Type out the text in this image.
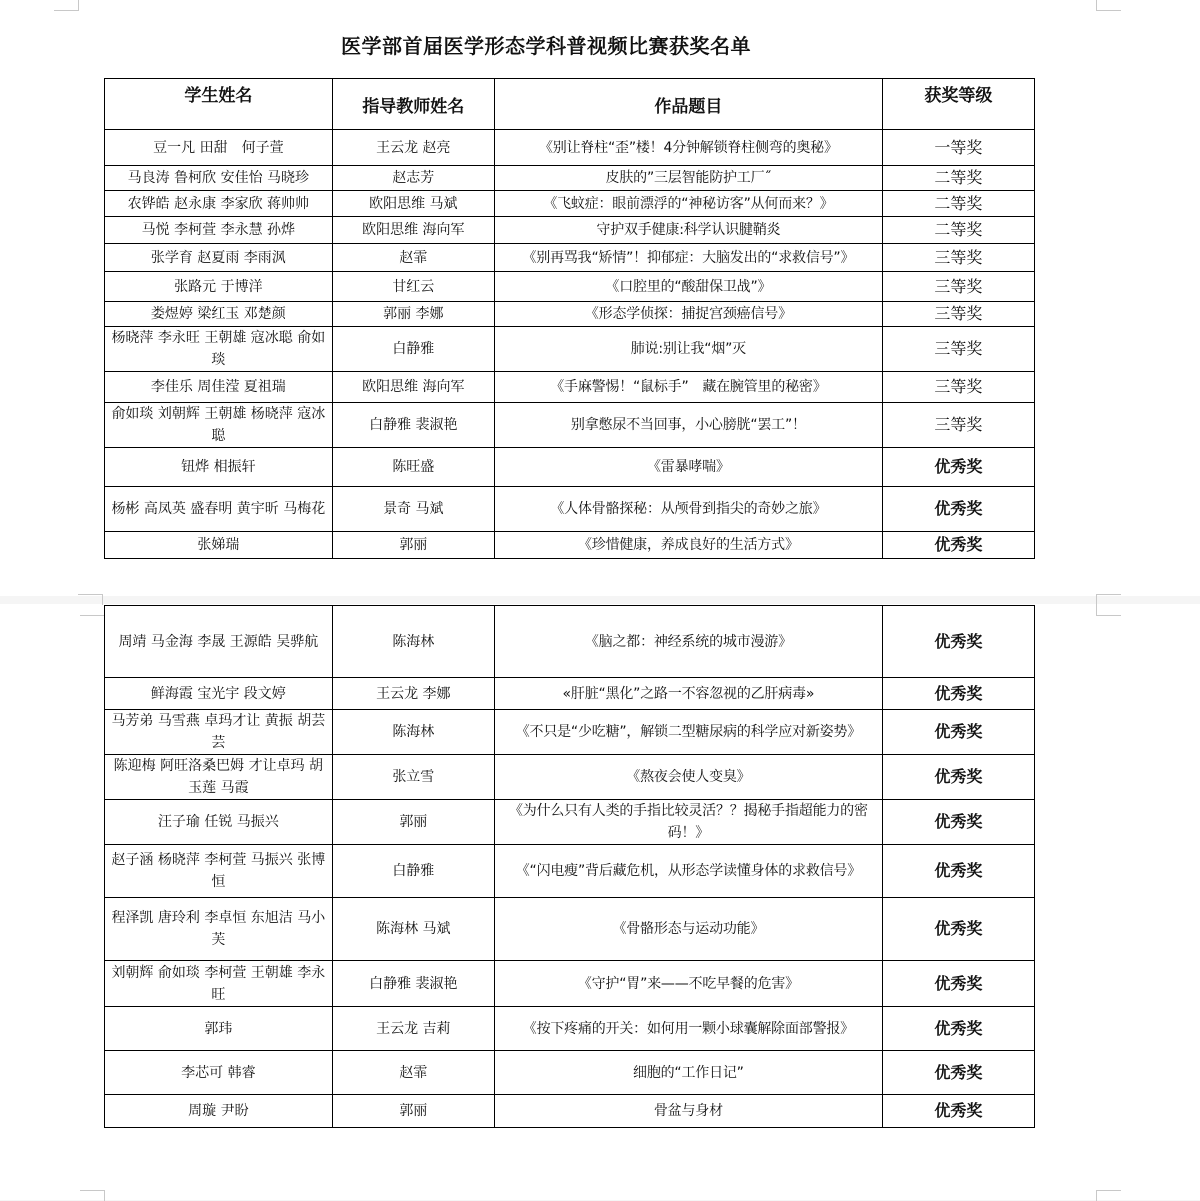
医学部首届医学形态学科普视频比赛获奖名单
学生姓名	指导教师姓名	作品题目	获奖等级
豆一凡 田甜　何子萱	王云龙 赵亮	《别让脊柱“歪”楼！4分钟解锁脊柱侧弯的奥秘》	一等奖
马良涛 鲁柯欣 安佳怡 马晓珍	赵志芳	皮肤的”三层智能防护工厂˝	二等奖
农铧皓 赵永康 李家欣 蒋帅帅	欧阳思维 马斌	《飞蚊症：眼前漂浮的“神秘访客”从何而来？》	二等奖
马悦 李柯萱 李永慧 孙烨	欧阳思维 海向军	守护双手健康:科学认识腱鞘炎	二等奖
张学育 赵夏雨 李雨沨	赵霏	《别再骂我“矫情”！抑郁症：大脑发出的“求救信号”》	三等奖
张路元 于博洋	甘红云	《口腔里的“酸甜保卫战”》	三等奖
娄煜婷 梁红玉 邓楚颜	郭丽 李娜	《形态学侦探：捕捉宫颈癌信号》	三等奖
杨晓萍 李永旺 王朝雄 寇冰聪 俞如琰	白静雅	肺说:别让我“烟”灭	三等奖
李佳乐 周佳滢 夏祖瑞	欧阳思维 海向军	《手麻警惕！“鼠标手”　藏在腕管里的秘密》	三等奖
俞如琰 刘朝辉 王朝雄 杨晓萍 寇冰聪	白静雅 裴淑艳	别拿憋尿不当回事，小心膀胱“罢工”！	三等奖
钮烨 相振轩	陈旺盛	《雷暴哮喘》	优秀奖
杨彬 高凤英 盛春明 黄宇昕 马梅花	景奇 马斌	《人体骨骼探秘：从颅骨到指尖的奇妙之旅》	优秀奖
张娣瑞	郭丽	《珍惜健康，养成良好的生活方式》	优秀奖
周靖 马金海 李晟 王源皓 吴骅航	陈海林	《脑之都：神经系统的城市漫游》	优秀奖
鲜海霞 宝光宇 段文婷	王云龙 李娜	«肝脏“黑化”之路一不容忽视的乙肝病毒»	优秀奖
马芳弟 马雪燕 卓玛才让 黄振 胡芸芸	陈海林	《不只是“少吃糖”，解锁二型糖尿病的科学应对新姿势》	优秀奖
陈迎梅 阿旺洛桑巴姆 才让卓玛 胡玉莲 马霞	张立雪	《熬夜会使人变臭》	优秀奖
汪子瑜 任锐 马振兴	郭丽	《为什么只有人类的手指比较灵活？？揭秘手指超能力的密码！》	优秀奖
赵子涵 杨晓萍 李柯萱 马振兴 张博恒	白静雅	《“闪电瘦”背后藏危机，从形态学读懂身体的求救信号》	优秀奖
程泽凯 唐玲利 李卓恒 东旭洁 马小芙	陈海林 马斌	《骨骼形态与运动功能》	优秀奖
刘朝辉 俞如琰 李柯萱 王朝雄 李永旺	白静雅 裴淑艳	《守护“胃”来——不吃早餐的危害》	优秀奖
郭玮	王云龙 吉莉	《按下疼痛的开关：如何用一颗小球囊解除面部警报》	优秀奖
李芯可 韩睿	赵霏	细胞的“工作日记”	优秀奖
周璇 尹盼	郭丽	骨盆与身材	优秀奖
